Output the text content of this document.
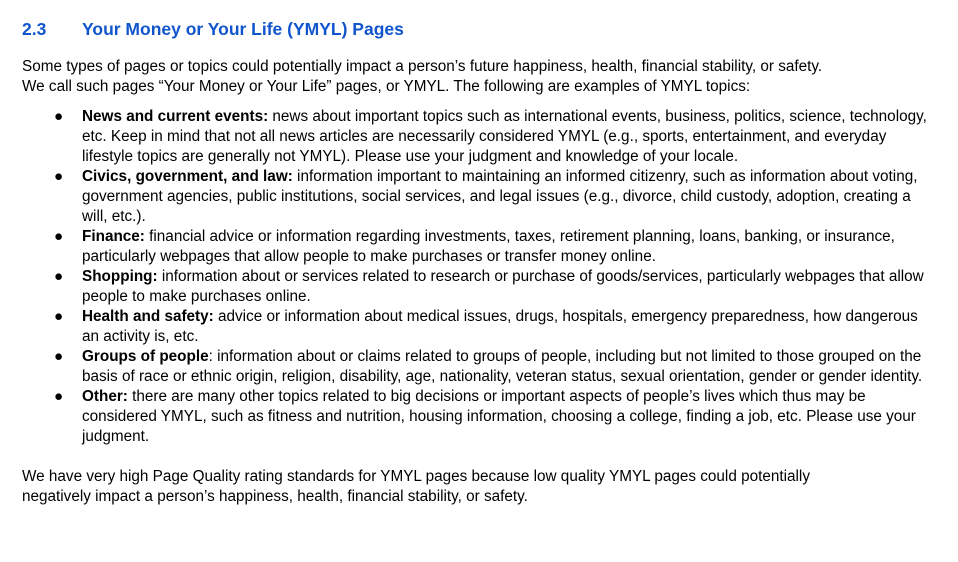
2.3	Your Money or Your Life (YMYL) Pages

Some types of pages or topics could potentially impact a person’s future happiness, health, financial stability, or safety.
We call such pages “Your Money or Your Life” pages, or YMYL. The following are examples of YMYL topics:

● News and current events: news about important topics such as international events, business, politics, science, technology, etc. Keep in mind that not all news articles are necessarily considered YMYL (e.g., sports, entertainment, and everyday lifestyle topics are generally not YMYL). Please use your judgment and knowledge of your locale.
● Civics, government, and law: information important to maintaining an informed citizenry, such as information about voting, government agencies, public institutions, social services, and legal issues (e.g., divorce, child custody, adoption, creating a will, etc.).
● Finance: financial advice or information regarding investments, taxes, retirement planning, loans, banking, or insurance, particularly webpages that allow people to make purchases or transfer money online.
● Shopping: information about or services related to research or purchase of goods/services, particularly webpages that allow people to make purchases online.
● Health and safety: advice or information about medical issues, drugs, hospitals, emergency preparedness, how dangerous an activity is, etc.
● Groups of people: information about or claims related to groups of people, including but not limited to those grouped on the basis of race or ethnic origin, religion, disability, age, nationality, veteran status, sexual orientation, gender or gender identity.
● Other: there are many other topics related to big decisions or important aspects of people’s lives which thus may be considered YMYL, such as fitness and nutrition, housing information, choosing a college, finding a job, etc. Please use your judgment.

We have very high Page Quality rating standards for YMYL pages because low quality YMYL pages could potentially
negatively impact a person’s happiness, health, financial stability, or safety.
